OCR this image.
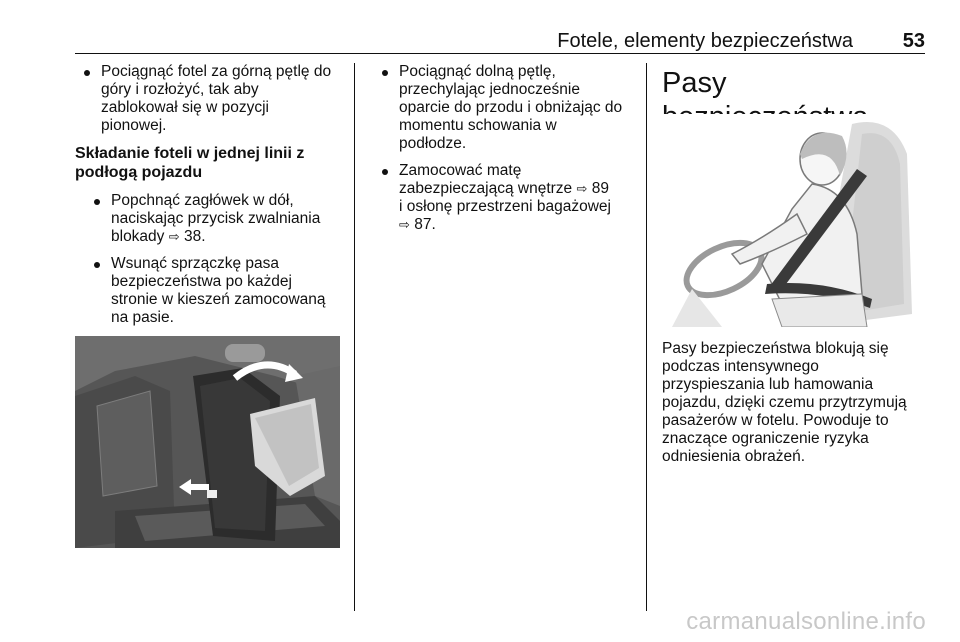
Fotele, elementy bezpieczeństwa 53
Pociągnąć fotel za górną pętlę do
góry i rozłożyć, tak aby
zablokował się w pozycji
pionowej.
Składanie foteli w jednej linii z
podłogą pojazdu
Popchnąć zagłówek w dół,
naciskając przycisk zwalniania
blokady ⇨ 38.
Wsunąć sprzączkę pasa
bezpieczeństwa po każdej
stronie w kieszeń zamocowaną
na pasie.
Pociągnąć dolną pętlę,
przechylając jednocześnie
oparcie do przodu i obniżając do
momentu schowania w
podłodze.
Zamocować matę
zabezpieczającą wnętrze ⇨ 89
i osłonę przestrzeni bagażowej
⇨ 87.
Pasy
Pasy bezpieczeństwa blokują się
podczas intensywnego
przyspieszania lub hamowania
pojazdu, dzięki czemu przytrzymują
pasażerów w fotelu. Powoduje to
znaczące ograniczenie ryzyka
odniesienia obrażeń.
carmanualsonline.info
